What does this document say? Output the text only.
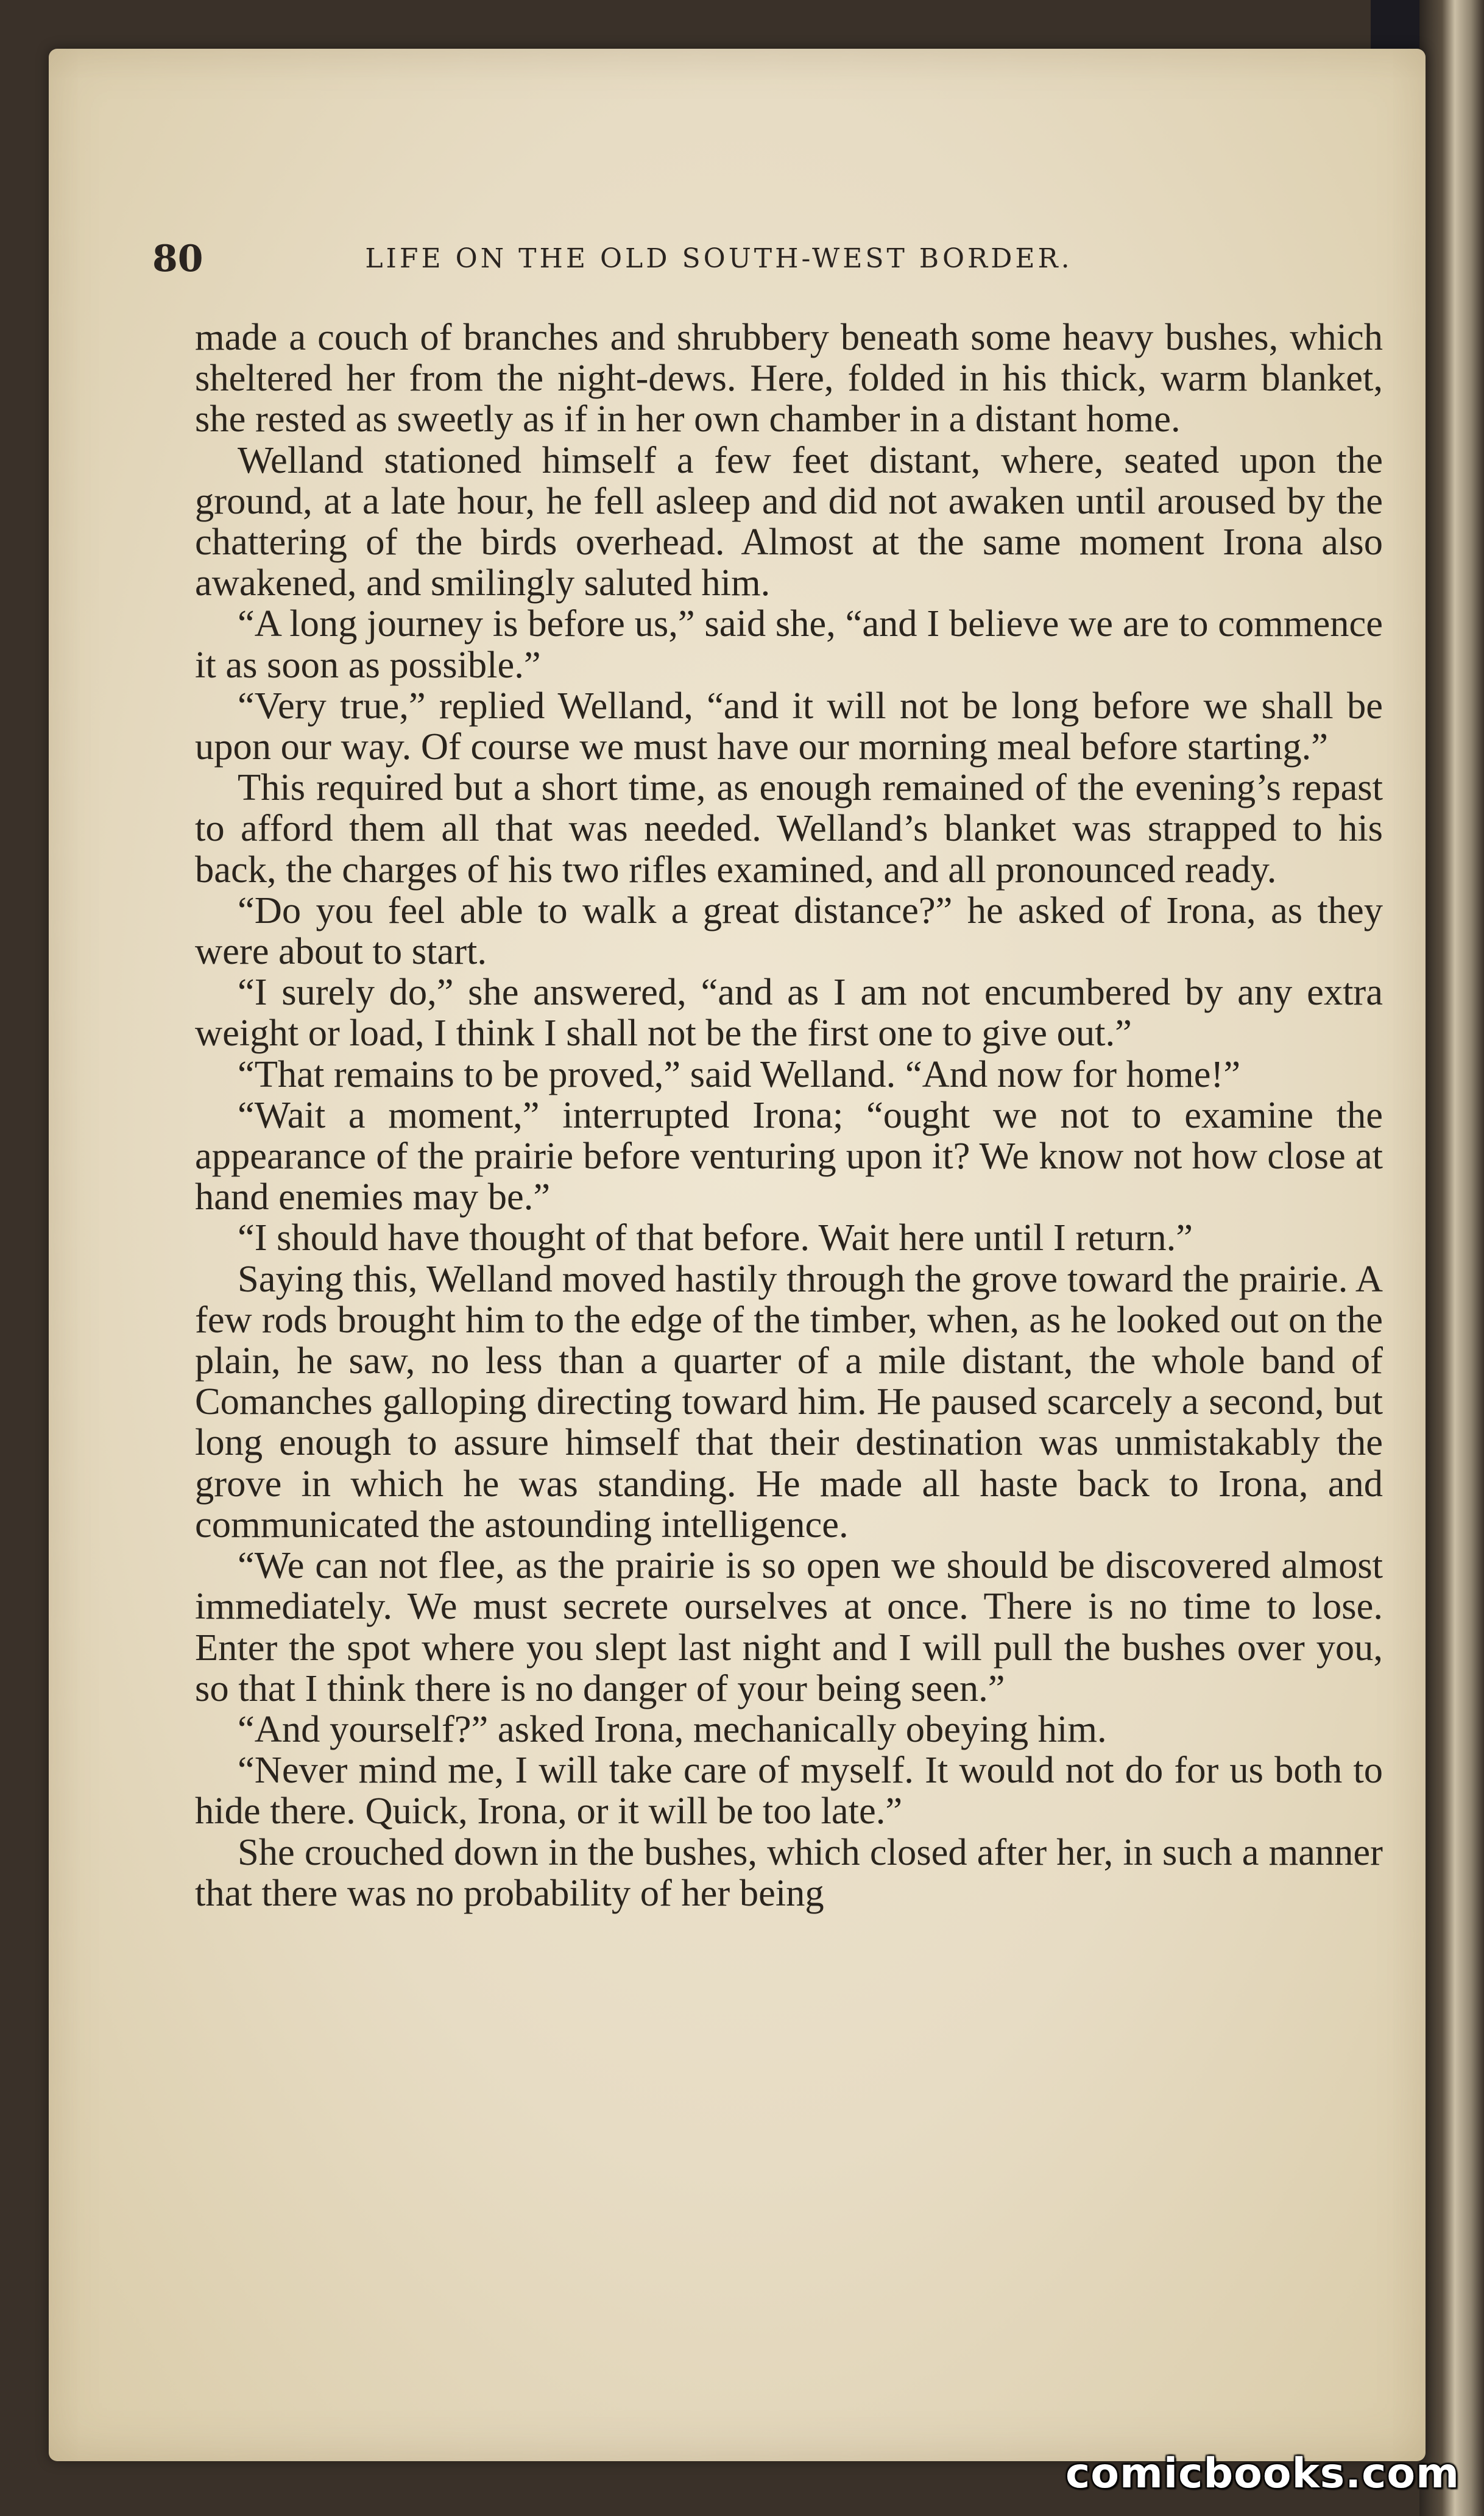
80	LIFE ON THE OLD SOUTH-WEST BORDER.

made a couch of branches and shrubbery beneath some heavy bushes, which sheltered her from the night-dews. Here, folded in his thick, warm blanket, she rested as sweetly as if in her own chamber in a distant home.

Welland stationed himself a few feet distant, where, seated upon the ground, at a late hour, he fell asleep and did not awaken until aroused by the chattering of the birds overhead. Almost at the same moment Irona also awakened, and smilingly saluted him.

“A long journey is before us,” said she, “and I believe we are to commence it as soon as possible.”

“Very true,” replied Welland, “and it will not be long before we shall be upon our way. Of course we must have our morning meal before starting.”

This required but a short time, as enough remained of the evening’s repast to afford them all that was needed. Welland’s blanket was strapped to his back, the charges of his two rifles examined, and all pronounced ready.

“Do you feel able to walk a great distance?” he asked of Irona, as they were about to start.

“I surely do,” she answered, “and as I am not encumbered by any extra weight or load, I think I shall not be the first one to give out.”

“That remains to be proved,” said Welland. “And now for home!”

“Wait a moment,” interrupted Irona; “ought we not to examine the appearance of the prairie before venturing upon it? We know not how close at hand enemies may be.”

“I should have thought of that before. Wait here until I return.”

Saying this, Welland moved hastily through the grove toward the prairie. A few rods brought him to the edge of the timber, when, as he looked out on the plain, he saw, no less than a quarter of a mile distant, the whole band of Comanches galloping directing toward him. He paused scarcely a second, but long enough to assure himself that their destination was unmistakably the grove in which he was standing. He made all haste back to Irona, and communicated the astounding intelligence.

“We can not flee, as the prairie is so open we should be discovered almost immediately. We must secrete ourselves at once. There is no time to lose. Enter the spot where you slept last night and I will pull the bushes over you, so that I think there is no danger of your being seen.”

“And yourself?” asked Irona, mechanically obeying him.

“Never mind me, I will take care of myself. It would not do for us both to hide there. Quick, Irona, or it will be too late.”

She crouched down in the bushes, which closed after her, in such a manner that there was no probability of her being

comicbooks.com
